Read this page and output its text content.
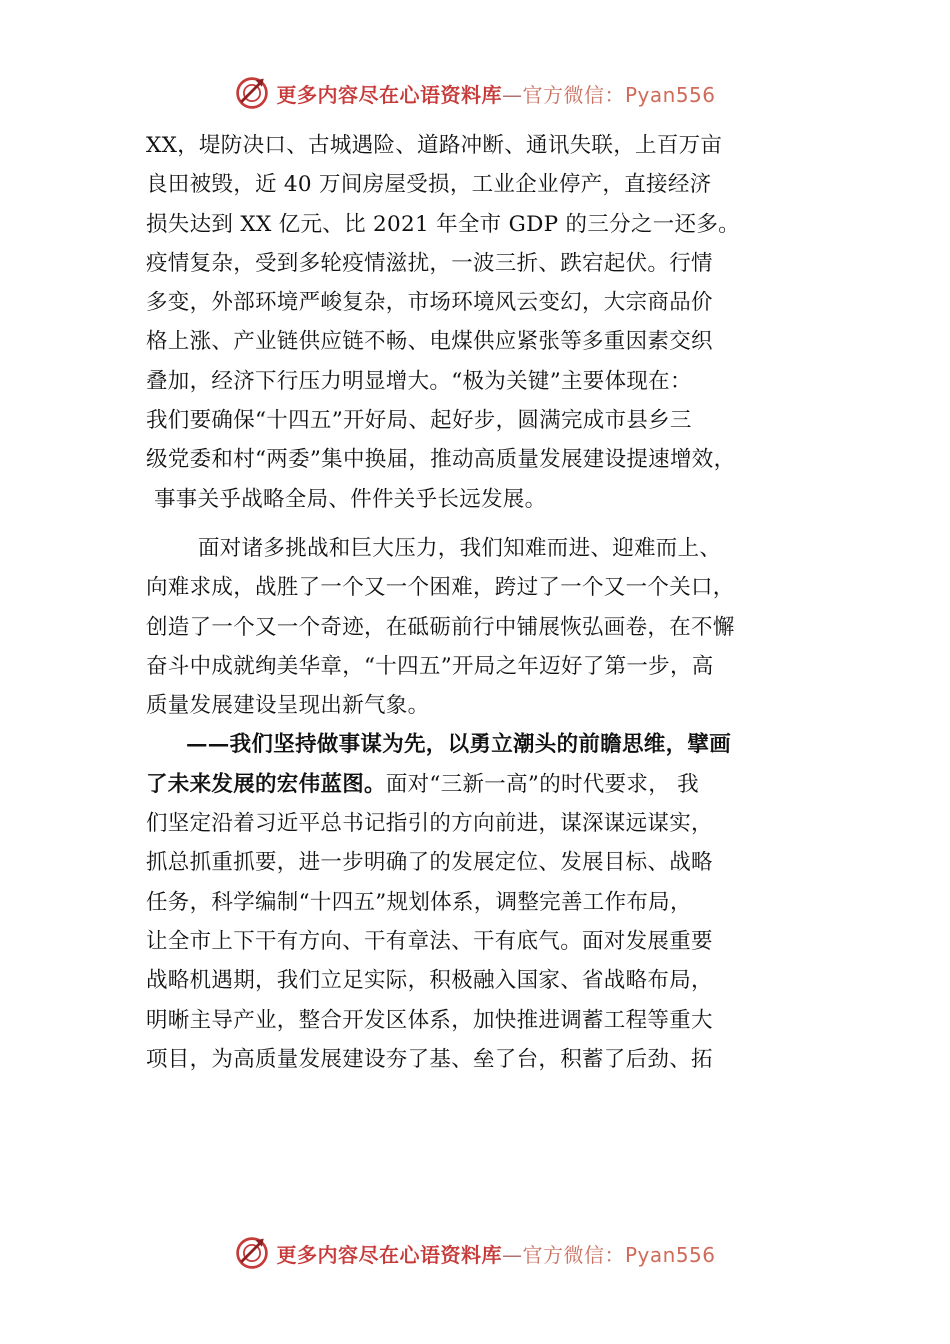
更多内容尽在心语资料库—官方微信：Pyan556
XX，堤防决口、古城遇险、道路冲断、通讯失联，上百万亩
良田被毁，近 40 万间房屋受损，工业企业停产，直接经济
损失达到 XX 亿元、比 2021 年全市 GDP 的三分之一还多。
疫情复杂，受到多轮疫情滋扰，一波三折、跌宕起伏。行情
多变，外部环境严峻复杂，市场环境风云变幻，大宗商品价
格上涨、产业链供应链不畅、电煤供应紧张等多重因素交织
叠加，经济下行压力明显增大。“极为关键”主要体现在：
我们要确保“十四五”开好局、起好步，圆满完成市县乡三
级党委和村“两委”集中换届，推动高质量发展建设提速增效，
事事关乎战略全局、件件关乎长远发展。
面对诸多挑战和巨大压力，我们知难而进、迎难而上、
向难求成，战胜了一个又一个困难，跨过了一个又一个关口，
创造了一个又一个奇迹，在砥砺前行中铺展恢弘画卷，在不懈
奋斗中成就绚美华章，“十四五”开局之年迈好了第一步，高
质量发展建设呈现出新气象。
——我们坚持做事谋为先，以勇立潮头的前瞻思维，擘画
了未来发展的宏伟蓝图。面对“三新一高”的时代要求， 我
们坚定沿着习近平总书记指引的方向前进，谋深谋远谋实，
抓总抓重抓要，进一步明确了的发展定位、发展目标、战略
任务，科学编制“十四五”规划体系，调整完善工作布局，
让全市上下干有方向、干有章法、干有底气。面对发展重要
战略机遇期，我们立足实际，积极融入国家、省战略布局，
明晰主导产业，整合开发区体系，加快推进调蓄工程等重大
项目，为高质量发展建设夯了基、垒了台，积蓄了后劲、拓
更多内容尽在心语资料库—官方微信：Pyan556
